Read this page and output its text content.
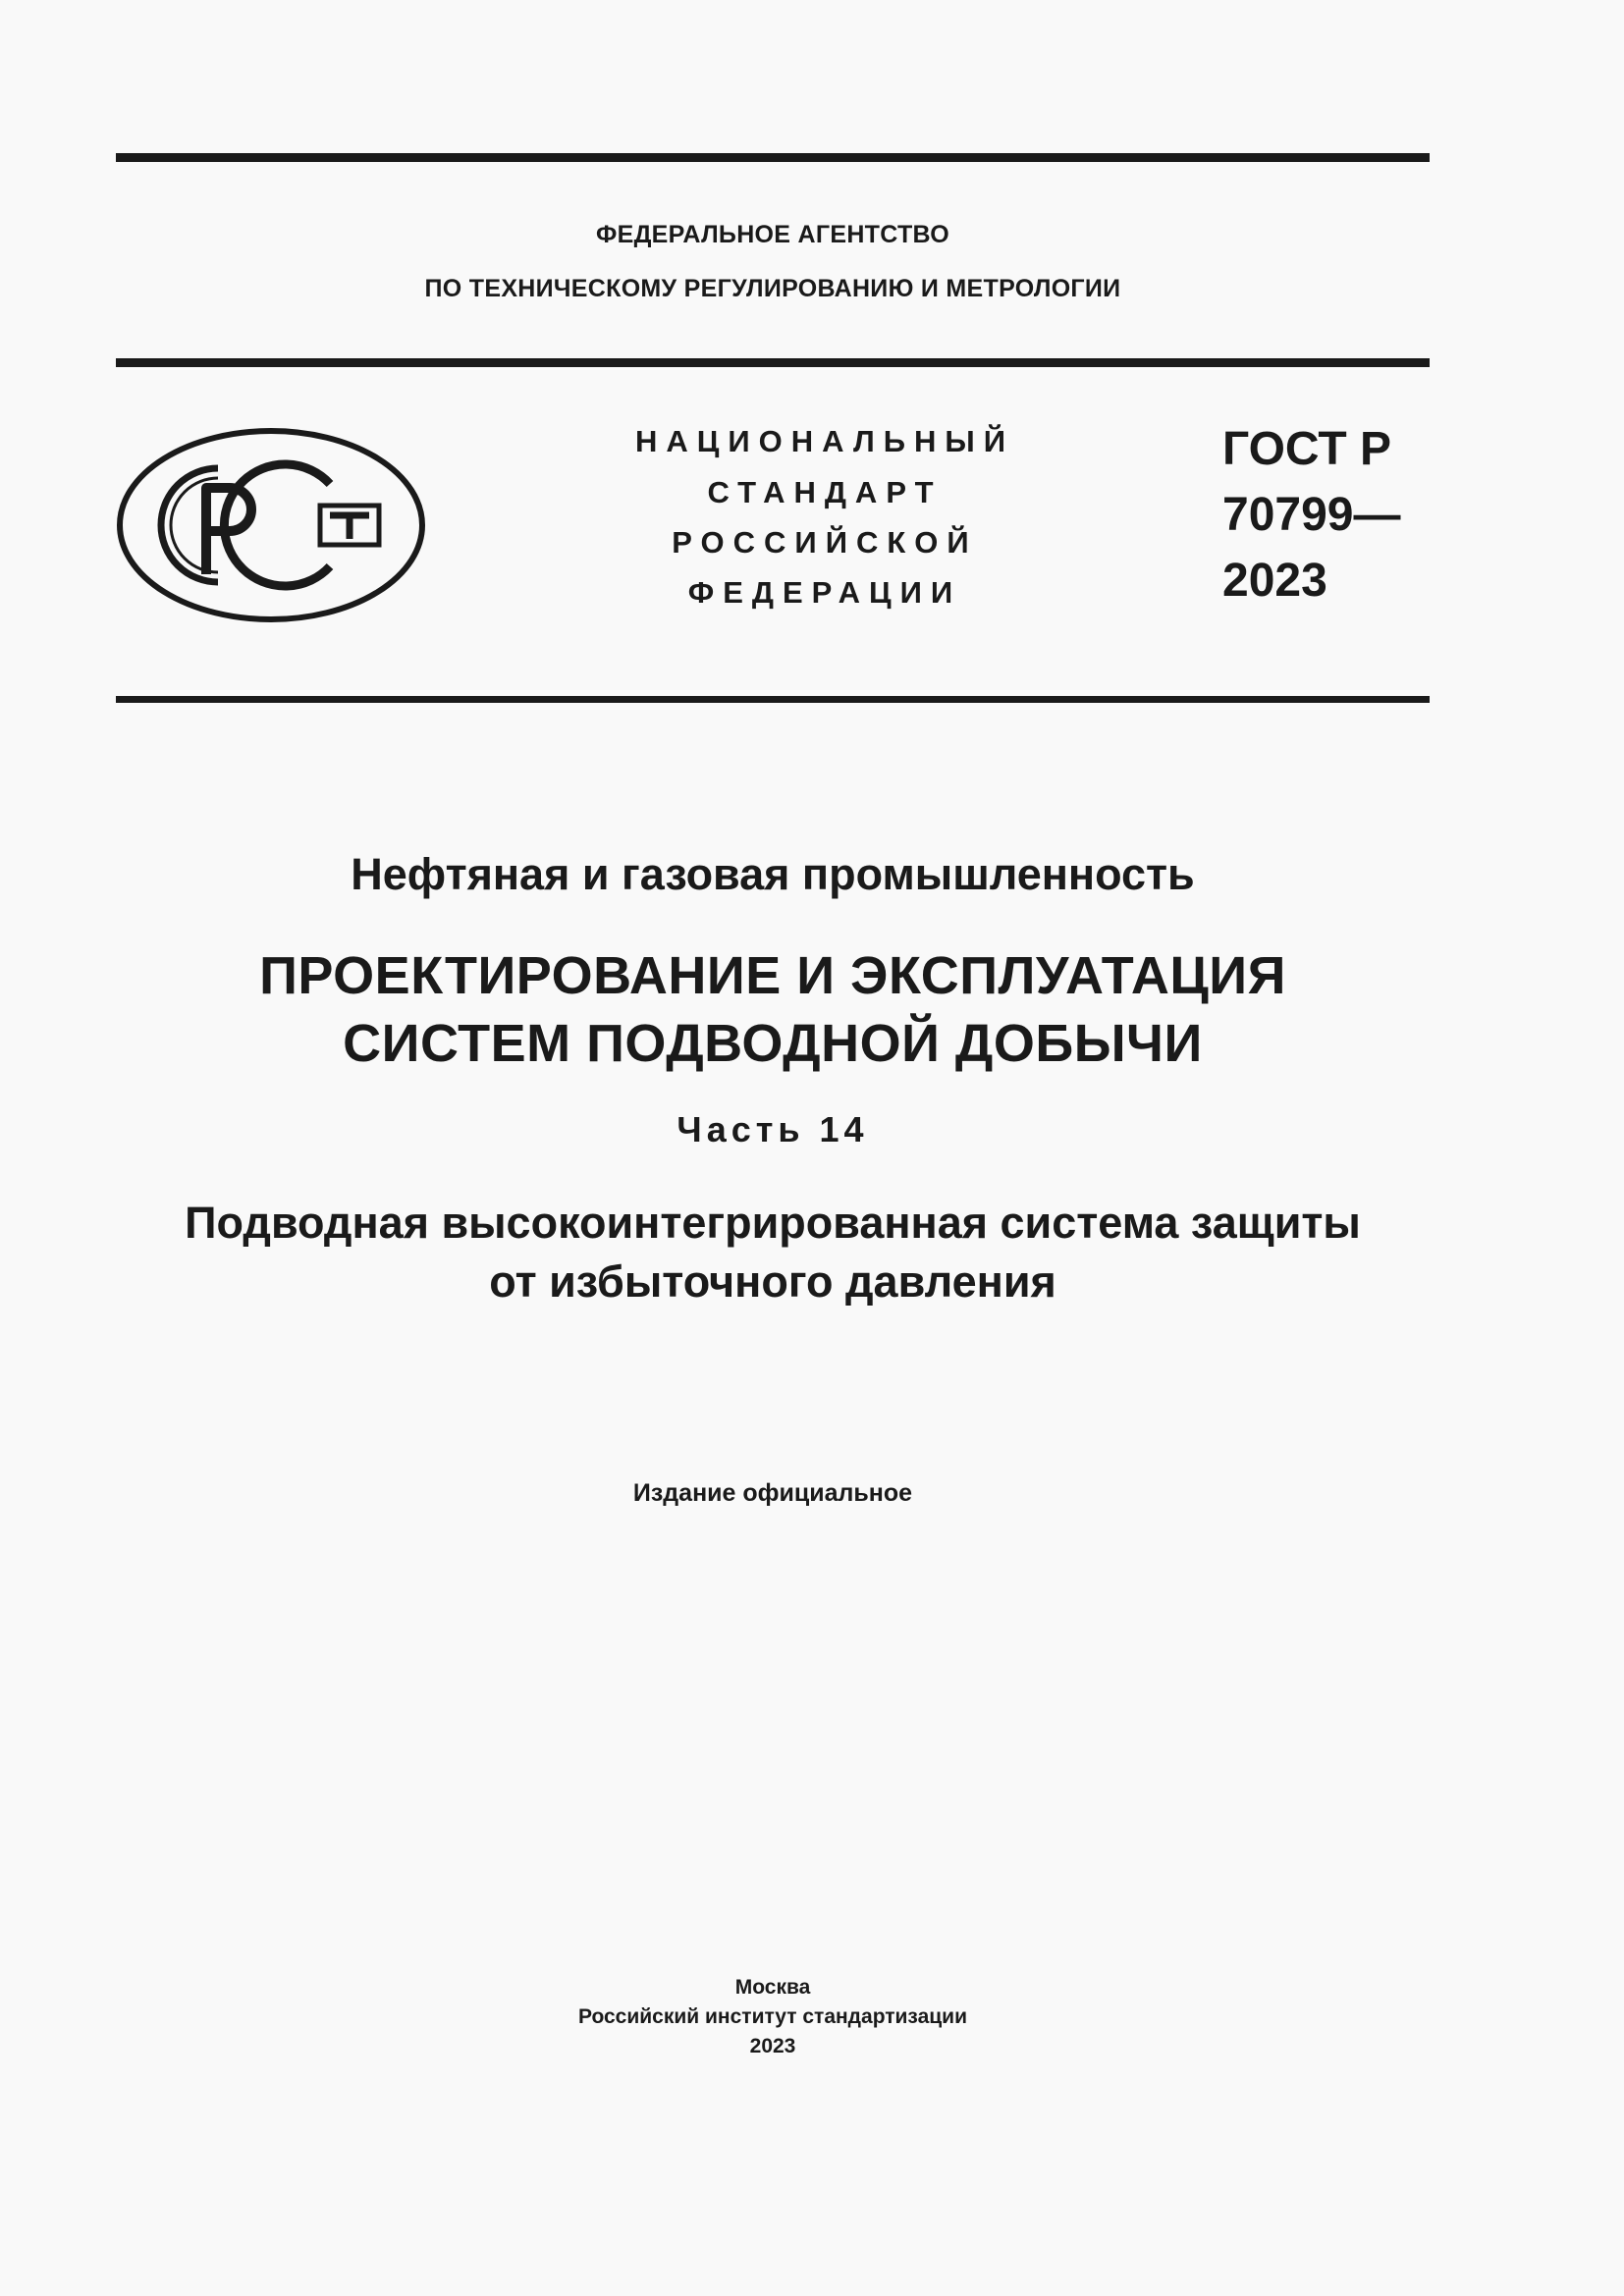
ФЕДЕРАЛЬНОЕ АГЕНТСТВО
ПО ТЕХНИЧЕСКОМУ РЕГУЛИРОВАНИЮ И МЕТРОЛОГИИ
НАЦИОНАЛЬНЫЙ
СТАНДАРТ
РОССИЙСКОЙ
ФЕДЕРАЦИИ
ГОСТ Р
70799—
2023
Нефтяная и газовая промышленность
ПРОЕКТИРОВАНИЕ И ЭКСПЛУАТАЦИЯ
СИСТЕМ ПОДВОДНОЙ ДОБЫЧИ
Часть 14
Подводная высокоинтегрированная система защиты
от избыточного давления
Издание официальное
Москва
Российский институт стандартизации
2023
